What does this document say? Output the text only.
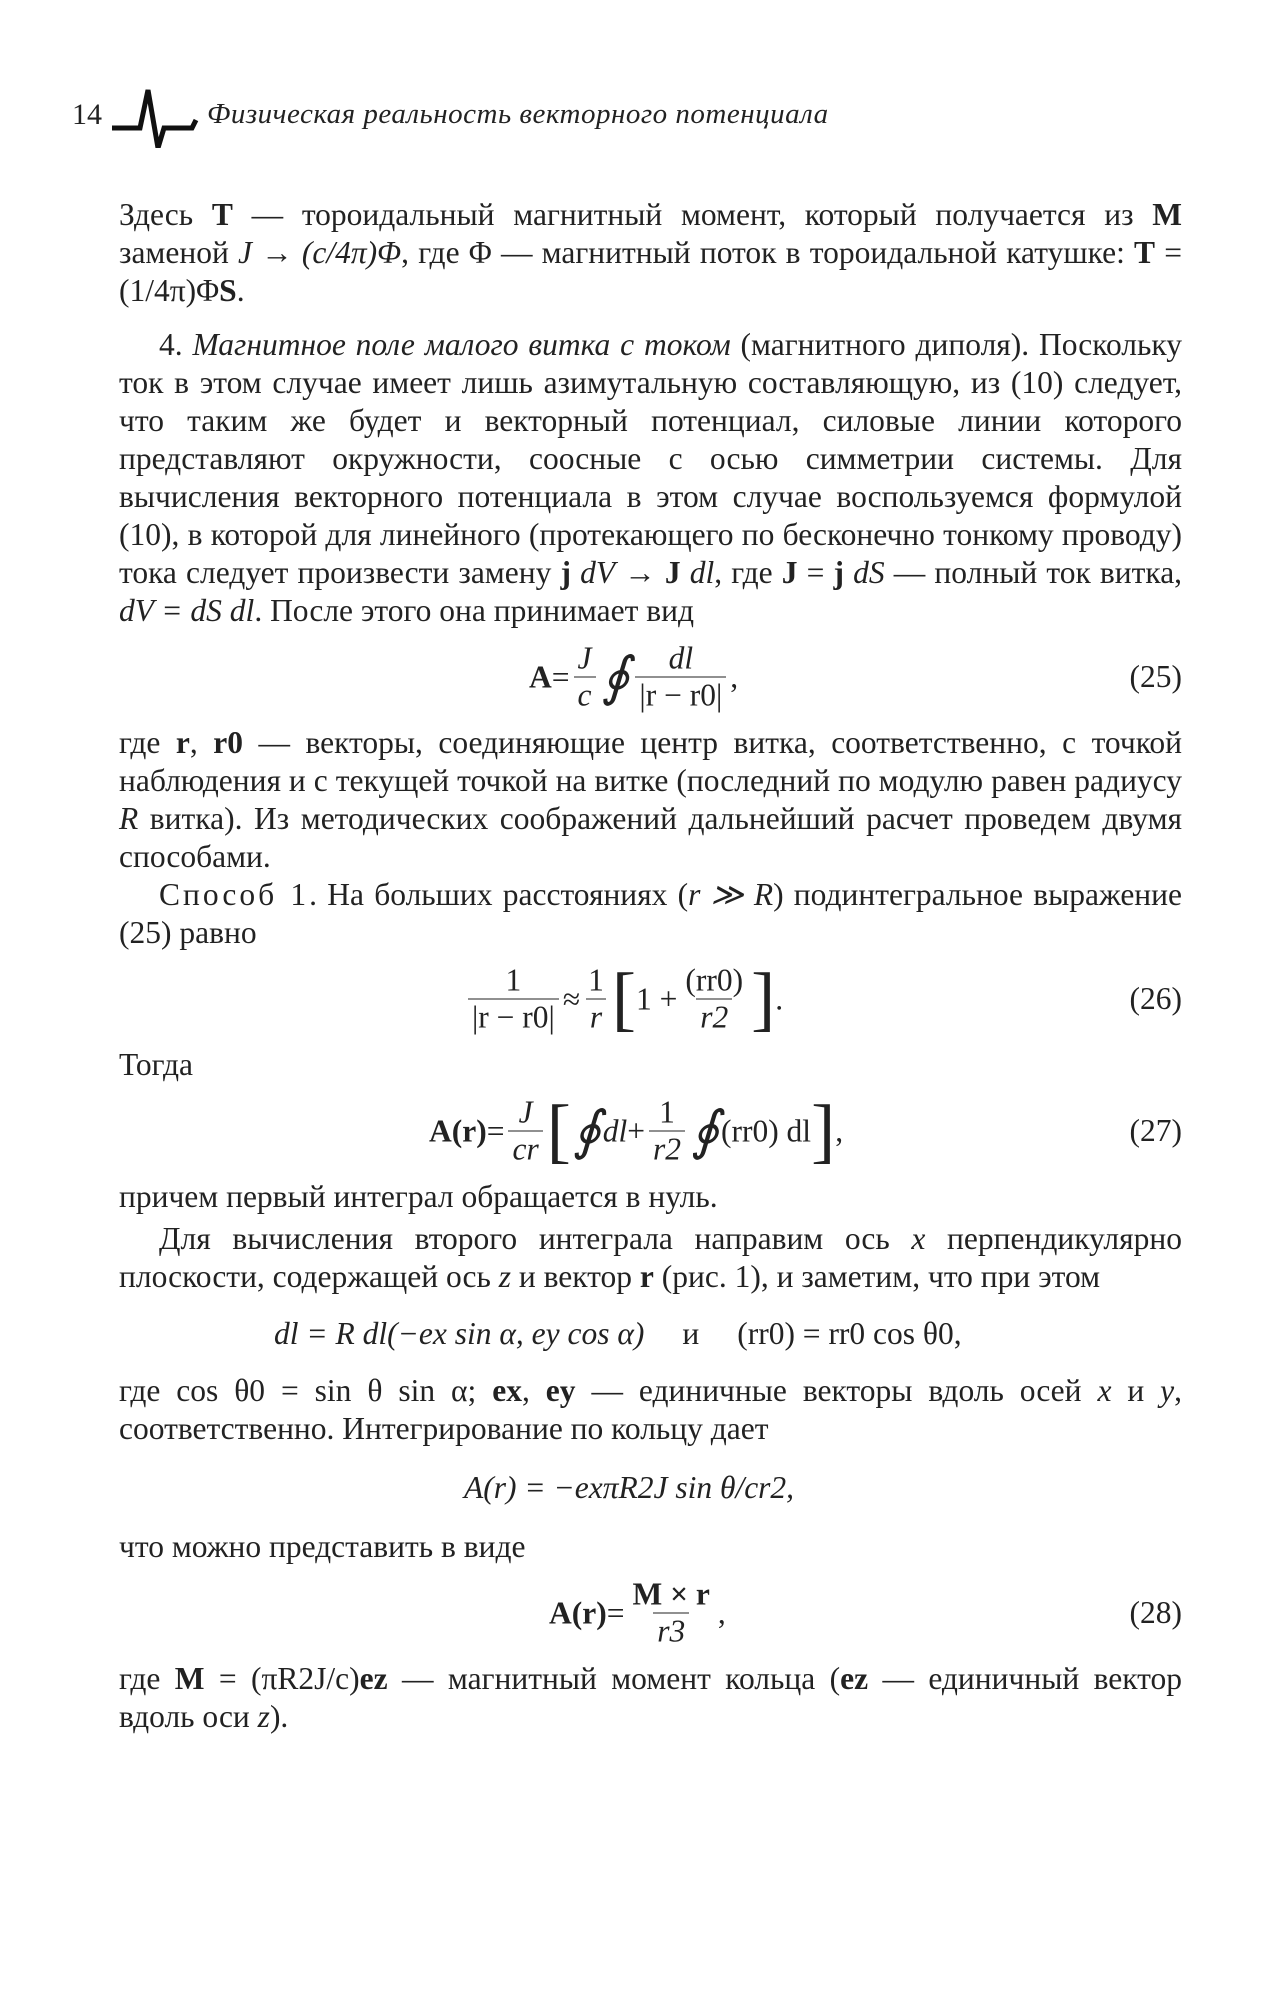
14	Физическая реальность векторного потенциала

Здесь T — тороидальный магнитный момент, который получается из M заменой J → (c/4π)Φ, где Φ — магнитный поток в тороидальной катушке: T = (1/4π)ΦS.

4. Магнитное поле малого витка с током (магнитного диполя). Поскольку ток в этом случае имеет лишь азимутальную составляющую, из (10) следует, что таким же будет и векторный потенциал, силовые линии которого представляют окружности, соосные с осью симметрии системы. Для вычисления векторного потенциала в этом случае воспользуемся формулой (10), в которой для линейного (протекающего по бесконечно тонкому проводу) тока следует произвести замену j dV → J dl, где J = j dS — полный ток витка, dV = dS dl. После этого она принимает вид

$A = \frac{J}{c}$ ∮ $\frac{dl}{|r - r0|}$ ,	(25)

где r, r0 — векторы, соединяющие центр витка, соответственно, с точкой наблюдения и с текущей точкой на витке (последний по модулю равен радиусу R витка). Из методических соображений дальнейший расчет проведем двумя способами.

Способ 1. На больших расстояниях (r ≫ R) подинтегральное выражение (25) равно

$\frac{1}{|r - r0|} \approx \frac{1}{r}$ [ $1 + \frac{(rr0)}{r2}$ ] .	(26)

Тогда

$A(r) = \frac{J}{cr}$ [ ∮ dl + $\frac{1}{r2}$ ∮ (rr0) dl ] ,	(27)

причем первый интеграл обращается в нуль.

Для вычисления второго интеграла направим ось x перпендикулярно плоскости, содержащей ось z и вектор r (рис. 1), и заметим, что при этом

dl = R dl(−ex sin α, ey cos α) и (rr0) = rr0 cos θ0,

где cos θ0 = sin θ sin α; ex, ey — единичные векторы вдоль осей x и y, соответственно. Интегрирование по кольцу дает

A(r) = −exπR2J sin θ/cr2,

что можно представить в виде

$A(r) = \frac{M \times r}{r3}$ ,	(28)

где M = (πR2J/c)ez — магнитный момент кольца (ez — единичный вектор вдоль оси z).
